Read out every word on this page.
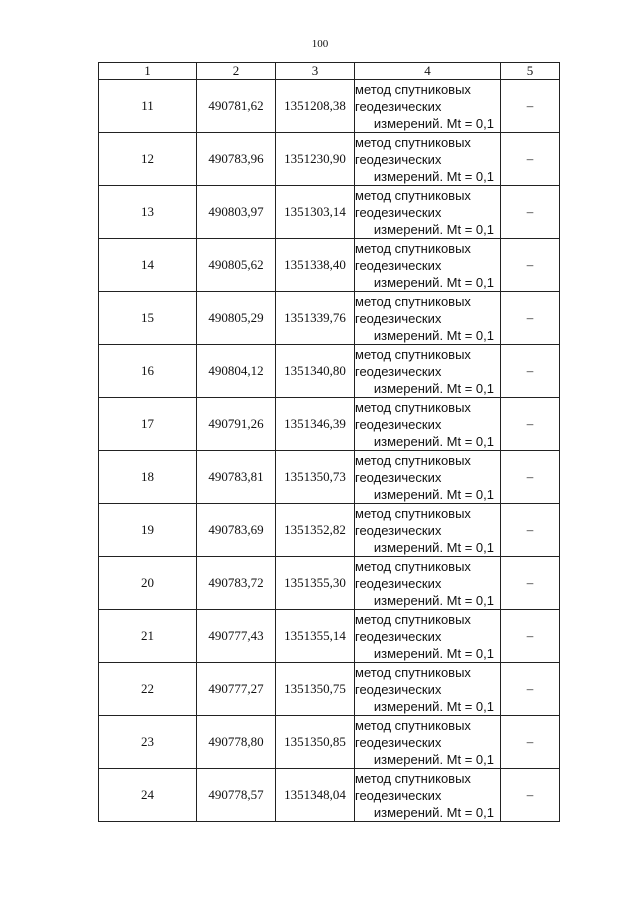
100
1	2	3	4	5
11	490781,62	1351208,38	метод спутниковых
геодезических
измерений. Mt = 0,1	–
12	490783,96	1351230,90	метод спутниковых
геодезических
измерений. Mt = 0,1	–
13	490803,97	1351303,14	метод спутниковых
геодезических
измерений. Mt = 0,1	–
14	490805,62	1351338,40	метод спутниковых
геодезических
измерений. Mt = 0,1	–
15	490805,29	1351339,76	метод спутниковых
геодезических
измерений. Mt = 0,1	–
16	490804,12	1351340,80	метод спутниковых
геодезических
измерений. Mt = 0,1	–
17	490791,26	1351346,39	метод спутниковых
геодезических
измерений. Mt = 0,1	–
18	490783,81	1351350,73	метод спутниковых
геодезических
измерений. Mt = 0,1	–
19	490783,69	1351352,82	метод спутниковых
геодезических
измерений. Mt = 0,1	–
20	490783,72	1351355,30	метод спутниковых
геодезических
измерений. Mt = 0,1	–
21	490777,43	1351355,14	метод спутниковых
геодезических
измерений. Mt = 0,1	–
22	490777,27	1351350,75	метод спутниковых
геодезических
измерений. Mt = 0,1	–
23	490778,80	1351350,85	метод спутниковых
геодезических
измерений. Mt = 0,1	–
24	490778,57	1351348,04	метод спутниковых
геодезических
измерений. Mt = 0,1	–
